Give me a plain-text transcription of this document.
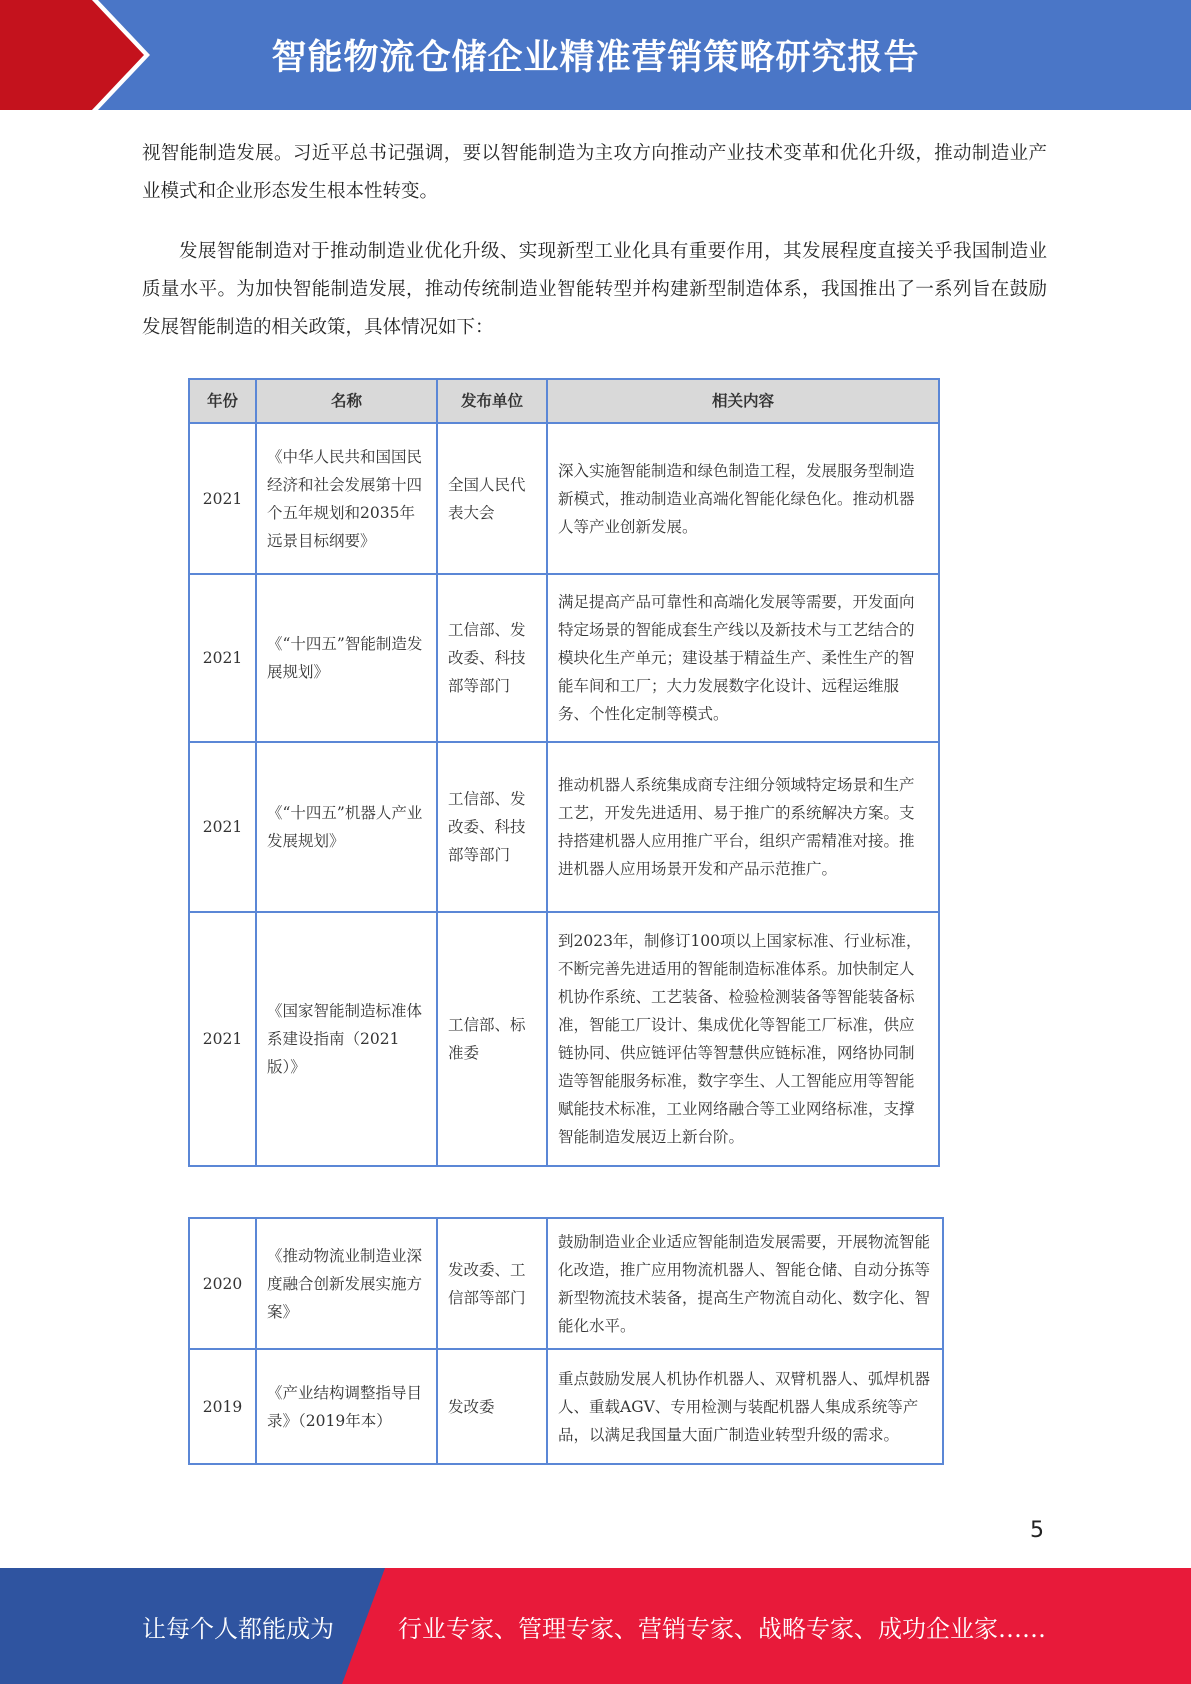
智能物流仓储企业精准营销策略研究报告

视智能制造发展。习近平总书记强调，要以智能制造为主攻方向推动产业技术变革和优化升级，推动制造业产业模式和企业形态发生根本性转变。

发展智能制造对于推动制造业优化升级、实现新型工业化具有重要作用，其发展程度直接关乎我国制造业质量水平。为加快智能制造发展，推动传统制造业智能转型并构建新型制造体系，我国推出了一系列旨在鼓励发展智能制造的相关政策，具体情况如下：

年份	名称	发布单位	相关内容
2021	《中华人民共和国国民经济和社会发展第十四个五年规划和2035年远景目标纲要》	全国人民代表大会	深入实施智能制造和绿色制造工程，发展服务型制造新模式，推动制造业高端化智能化绿色化。推动机器人等产业创新发展。
2021	《“十四五”智能制造发展规划》	工信部、发改委、科技部等部门	满足提高产品可靠性和高端化发展等需要，开发面向特定场景的智能成套生产线以及新技术与工艺结合的模块化生产单元；建设基于精益生产、柔性生产的智能车间和工厂；大力发展数字化设计、远程运维服务、个性化定制等模式。
2021	《“十四五”机器人产业发展规划》	工信部、发改委、科技部等部门	推动机器人系统集成商专注细分领域特定场景和生产工艺，开发先进适用、易于推广的系统解决方案。支持搭建机器人应用推广平台，组织产需精准对接。推进机器人应用场景开发和产品示范推广。
2021	《国家智能制造标准体系建设指南（2021版）》	工信部、标准委	到2023年，制修订100项以上国家标准、行业标准，不断完善先进适用的智能制造标准体系。加快制定人机协作系统、工艺装备、检验检测装备等智能装备标准，智能工厂设计、集成优化等智能工厂标准，供应链协同、供应链评估等智慧供应链标准，网络协同制造等智能服务标准，数字孪生、人工智能应用等智能赋能技术标准，工业网络融合等工业网络标准，支撑智能制造发展迈上新台阶。
2020	《推动物流业制造业深度融合创新发展实施方案》	发改委、工信部等部门	鼓励制造业企业适应智能制造发展需要，开展物流智能化改造，推广应用物流机器人、智能仓储、自动分拣等新型物流技术装备，提高生产物流自动化、数字化、智能化水平。
2019	《产业结构调整指导目录》（2019年本）	发改委	重点鼓励发展人机协作机器人、双臂机器人、弧焊机器人、重载AGV、专用检测与装配机器人集成系统等产品，以满足我国量大面广制造业转型升级的需求。
5
让每个人都能成为	行业专家、管理专家、营销专家、战略专家、成功企业家……
